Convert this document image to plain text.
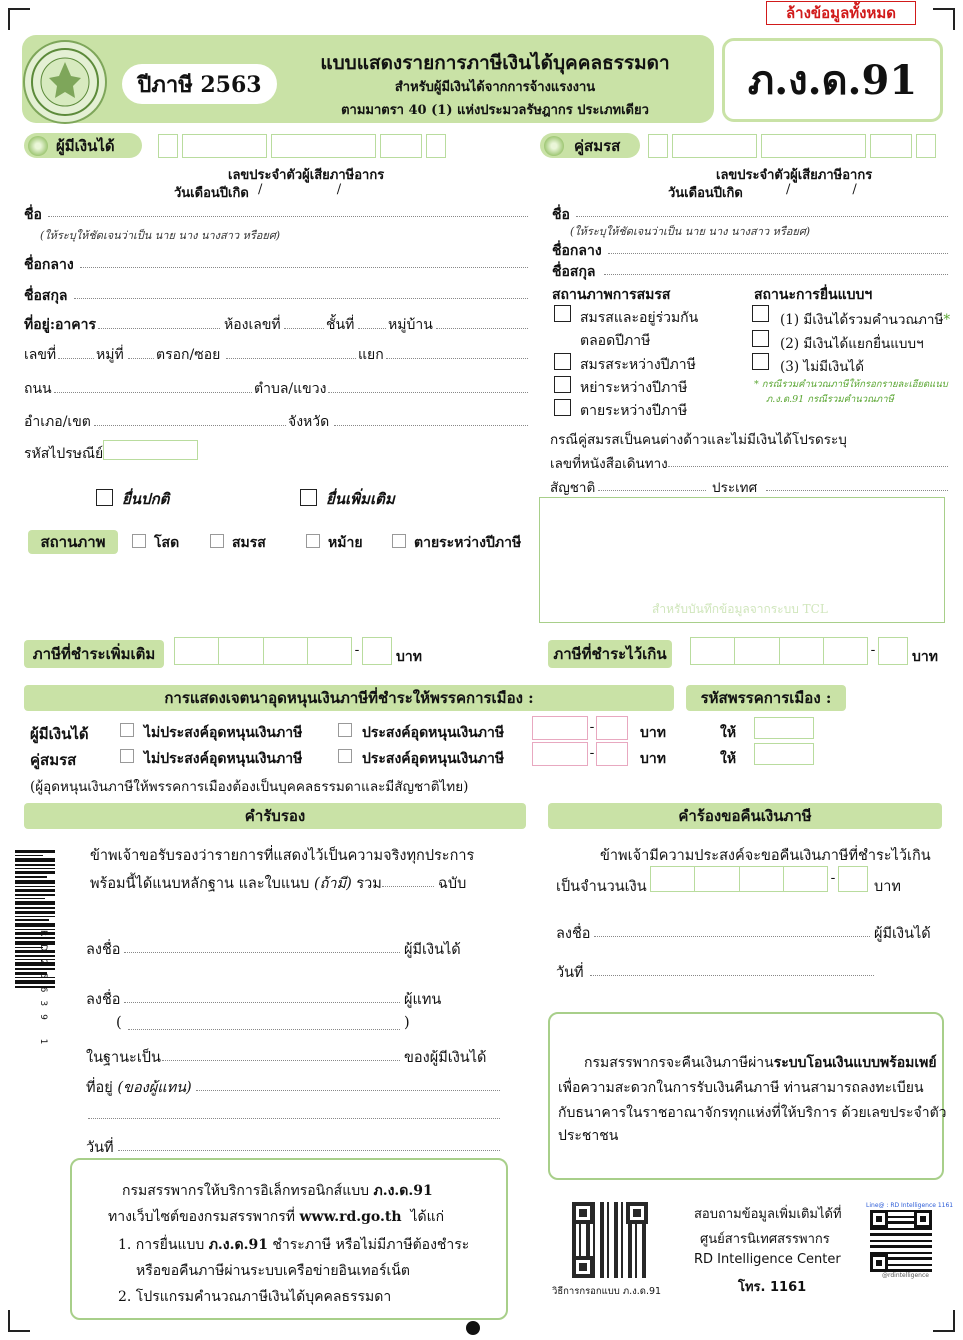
ล้างข้อมูลทั้งหมด
ปีภาษี 2563
แบบแสดงรายการภาษีเงินได้บุคคลธรรมดา
สำหรับผู้มีเงินได้จากการจ้างแรงงาน
ตามมาตรา 40 (1) แห่งประมวลรัษฎากร ประเภทเดียว
ภ.ง.ด.91
ผู้มีเงินได้
เลขประจำตัวผู้เสียภาษีอากร
วันเดือนปีเกิด /                  /
ชื่อ
(ให้ระบุให้ชัดเจนว่าเป็น นาย นาง นางสาว หรือยศ)
ชื่อกลาง
ชื่อสกุล
ที่อยู่:อาคาร	ห้องเลขที่	ชั้นที่ หมู่บ้าน
เลขที่	หมู่ที่ ตรอก/ซอย	แยก
ถนน	ตำบล/แขวง
อำเภอ/เขต	จังหวัด
รหัสไปรษณีย์
ยื่นปกติ	ยื่นเพิ่มเติม
สถานภาพ	โสด	สมรส	หม้าย	ตายระหว่างปีภาษี
คู่สมรส
เลขประจำตัวผู้เสียภาษีอากร
วันเดือนปีเกิด	/               /
ชื่อ
(ให้ระบุให้ชัดเจนว่าเป็น นาย นาง นางสาว หรือยศ)
ชื่อกลาง
ชื่อสกุล
สถานภาพการสมรส
สมรสและอยู่ร่วมกัน
ตลอดปีภาษี
สมรสระหว่างปีภาษี
หย่าระหว่างปีภาษี
ตายระหว่างปีภาษี
สถานะการยื่นแบบฯ
(1) มีเงินได้รวมคำนวณภาษี*
(2) มีเงินได้แยกยื่นแบบฯ
(3) ไม่มีเงินได้
* กรณีรวมคำนวณภาษีให้กรอกรายละเอียดแนบ
ภ.ง.ด.91 กรณีรวมคำนวณภาษี
กรณีคู่สมรสเป็นคนต่างด้าวและไม่มีเงินได้โปรดระบุ
เลขที่หนังสือเดินทาง
สัญชาติ	ประเทศ
สำหรับบันทึกข้อมูลจากระบบ TCL
ภาษีที่ชำระเพิ่มเติม	-	บาท	ภาษีที่ชำระไว้เกิน	-	บาท
การแสดงเจตนาอุดหนุนเงินภาษีที่ชำระให้พรรคการเมือง :	รหัสพรรคการเมือง :
ผู้มีเงินได้	ไม่ประสงค์อุดหนุนเงินภาษี	ประสงค์อุดหนุนเงินภาษี	-	บาท	ให้
คู่สมรส	ไม่ประสงค์อุดหนุนเงินภาษี	ประสงค์อุดหนุนเงินภาษี	-	บาท	ให้
(ผู้อุดหนุนเงินภาษีให้พรรคการเมืองต้องเป็นบุคคลธรรมดาและมีสัญชาติไทย)
คำรับรอง
ข้าพเจ้าขอรับรองว่ารายการที่แสดงไว้เป็นความจริงทุกประการ
พร้อมนี้ได้แนบหลักฐาน และใบแนบ (ถ้ามี) รวม	ฉบับ
RD25639 1	ลงชื่อ	ผู้มีเงินได้
ลงชื่อ	ผู้แทน
(	)
ในฐานะเป็น	ของผู้มีเงินได้
ที่อยู่ (ของผู้แทน)
วันที่
คำร้องขอคืนเงินภาษี
ข้าพเจ้ามีความประสงค์จะขอคืนเงินภาษีที่ชำระไว้เกิน
เป็นจำนวนเงิน
-
บาท
ลงชื่อ	ผู้มีเงินได้
วันที่
กรมสรรพากรจะคืนเงินภาษีผ่านระบบโอนเงินแบบพร้อมเพย์
เพื่อความสะดวกในการรับเงินคืนภาษี ท่านสามารถลงทะเบียน
กับธนาคารในราชอาณาจักรทุกแห่งที่ให้บริการ ด้วยเลขประจำตัว
ประชาชน
กรมสรรพากรให้บริการอิเล็กทรอนิกส์แบบ ภ.ง.ด.91
ทางเว็บไซต์ของกรมสรรพากรที่ www.rd.go.th ได้แก่
1. การยื่นแบบ ภ.ง.ด.91 ชำระภาษี หรือไม่มีภาษีต้องชำระ
หรือขอคืนภาษีผ่านระบบเครือข่ายอินเทอร์เน็ต
2. โปรแกรมคำนวณภาษีเงินได้บุคคลธรรมดา	วิธีการกรอกแบบ ภ.ง.ด.91
สอบถามข้อมูลเพิ่มเติมได้ที่
ศูนย์สารนิเทศสรรพากร
RD Intelligence Center
โทร. 1161
Line@ : RD Intelligence 1161
@rdintelligence
